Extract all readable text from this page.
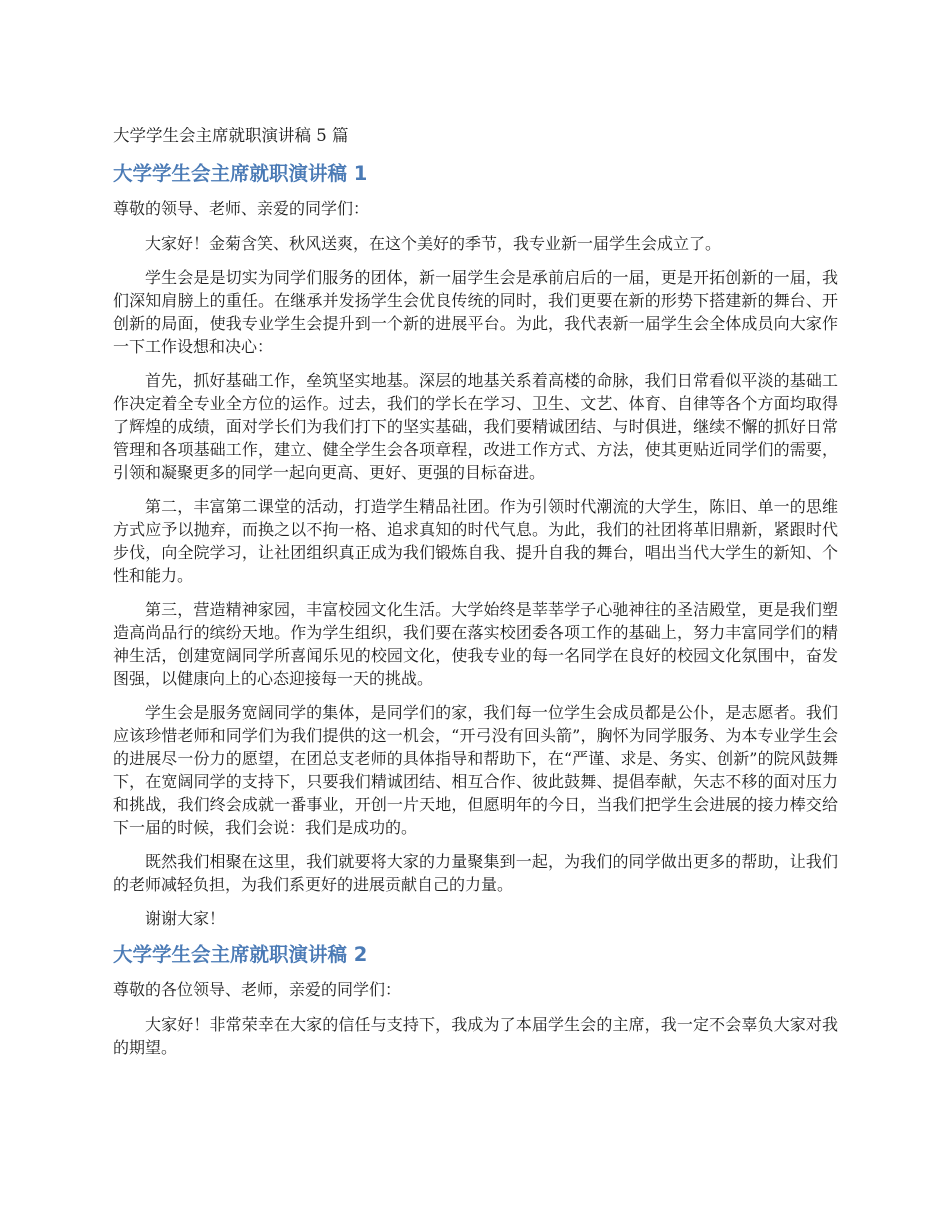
大学学生会主席就职演讲稿 5 篇
大学学生会主席就职演讲稿 1

尊敬的领导、老师、亲爱的同学们：

大家好！金菊含笑、秋风送爽，在这个美好的季节，我专业新一届学生会成立了。

学生会是是切实为同学们服务的团体，新一届学生会是承前启后的一届，更是开拓创新的一届，我们深知肩膀上的重任。在继承并发扬学生会优良传统的同时，我们更要在新的形势下搭建新的舞台、开创新的局面，使我专业学生会提升到一个新的进展平台。为此，我代表新一届学生会全体成员向大家作一下工作设想和决心：

首先，抓好基础工作，垒筑坚实地基。深层的地基关系着高楼的命脉，我们日常看似平淡的基础工作决定着全专业全方位的运作。过去，我们的学长在学习、卫生、文艺、体育、自律等各个方面均取得了辉煌的成绩，面对学长们为我们打下的坚实基础，我们要精诚团结、与时俱进，继续不懈的抓好日常管理和各项基础工作，建立、健全学生会各项章程，改进工作方式、方法，使其更贴近同学们的需要，引领和凝聚更多的同学一起向更高、更好、更强的目标奋进。

第二，丰富第二课堂的活动，打造学生精品社团。作为引领时代潮流的大学生，陈旧、单一的思维方式应予以抛弃，而换之以不拘一格、追求真知的时代气息。为此，我们的社团将革旧鼎新，紧跟时代步伐，向全院学习，让社团组织真正成为我们锻炼自我、提升自我的舞台，唱出当代大学生的新知、个性和能力。

第三，营造精神家园，丰富校园文化生活。大学始终是莘莘学子心驰神往的圣洁殿堂，更是我们塑造高尚品行的缤纷天地。作为学生组织，我们要在落实校团委各项工作的基础上，努力丰富同学们的精神生活，创建宽阔同学所喜闻乐见的校园文化，使我专业的每一名同学在良好的校园文化氛围中，奋发图强，以健康向上的心态迎接每一天的挑战。

学生会是服务宽阔同学的集体，是同学们的家，我们每一位学生会成员都是公仆，是志愿者。我们应该珍惜老师和同学们为我们提供的这一机会，“开弓没有回头箭”，胸怀为同学服务、为本专业学生会的进展尽一份力的愿望，在团总支老师的具体指导和帮助下，在“严谨、求是、务实、创新”的院风鼓舞下，在宽阔同学的支持下，只要我们精诚团结、相互合作、彼此鼓舞、提倡奉献，矢志不移的面对压力和挑战，我们终会成就一番事业，开创一片天地，但愿明年的今日，当我们把学生会进展的接力棒交给下一届的时候，我们会说：我们是成功的。

既然我们相聚在这里，我们就要将大家的力量聚集到一起，为我们的同学做出更多的帮助，让我们的老师减轻负担，为我们系更好的进展贡献自己的力量。

谢谢大家！

大学学生会主席就职演讲稿 2

尊敬的各位领导、老师，亲爱的同学们：

大家好！非常荣幸在大家的信任与支持下，我成为了本届学生会的主席，我一定不会辜负大家对我的期望。
